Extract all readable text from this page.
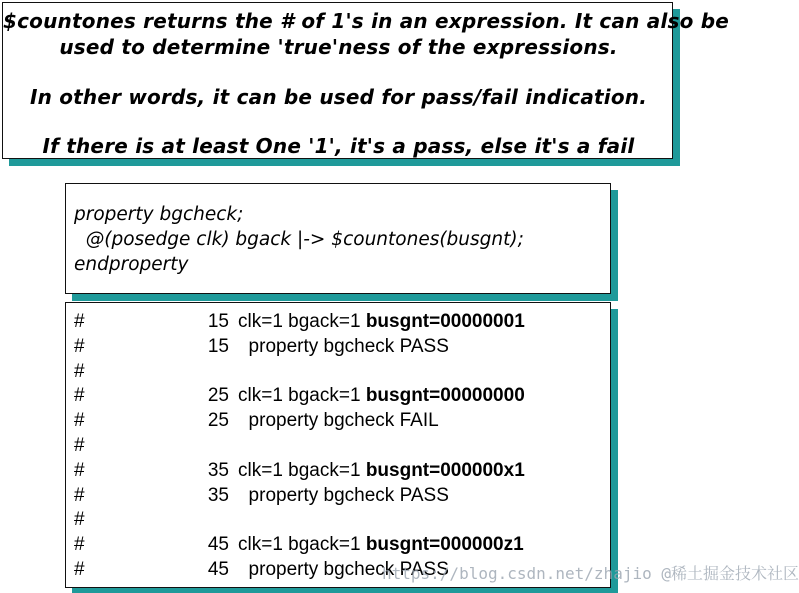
$countones returns the # of 1's in an expression. It can also be
used to determine 'true'ness of the expressions.
In other words, it can be used for pass/fail indication.
If there is at least One '1', it's a pass, else it's a fail
property bgcheck;
@(posedge clk) bgack |-> $countones(busgnt);
endproperty
#	15 clk=1 bgack=1 busgnt=00000001
#	15 property bgcheck PASS
#
#	25 clk=1 bgack=1 busgnt=00000000
#	25 property bgcheck FAIL
#
#	35 clk=1 bgack=1 busgnt=000000x1
#	35 property bgcheck PASS
#
#	45 clk=1 bgack=1 busgnt=000000z1
#	45 property bgcheck PASS
https://blog.csdn.net/zhajio @稀土掘金技术社区
